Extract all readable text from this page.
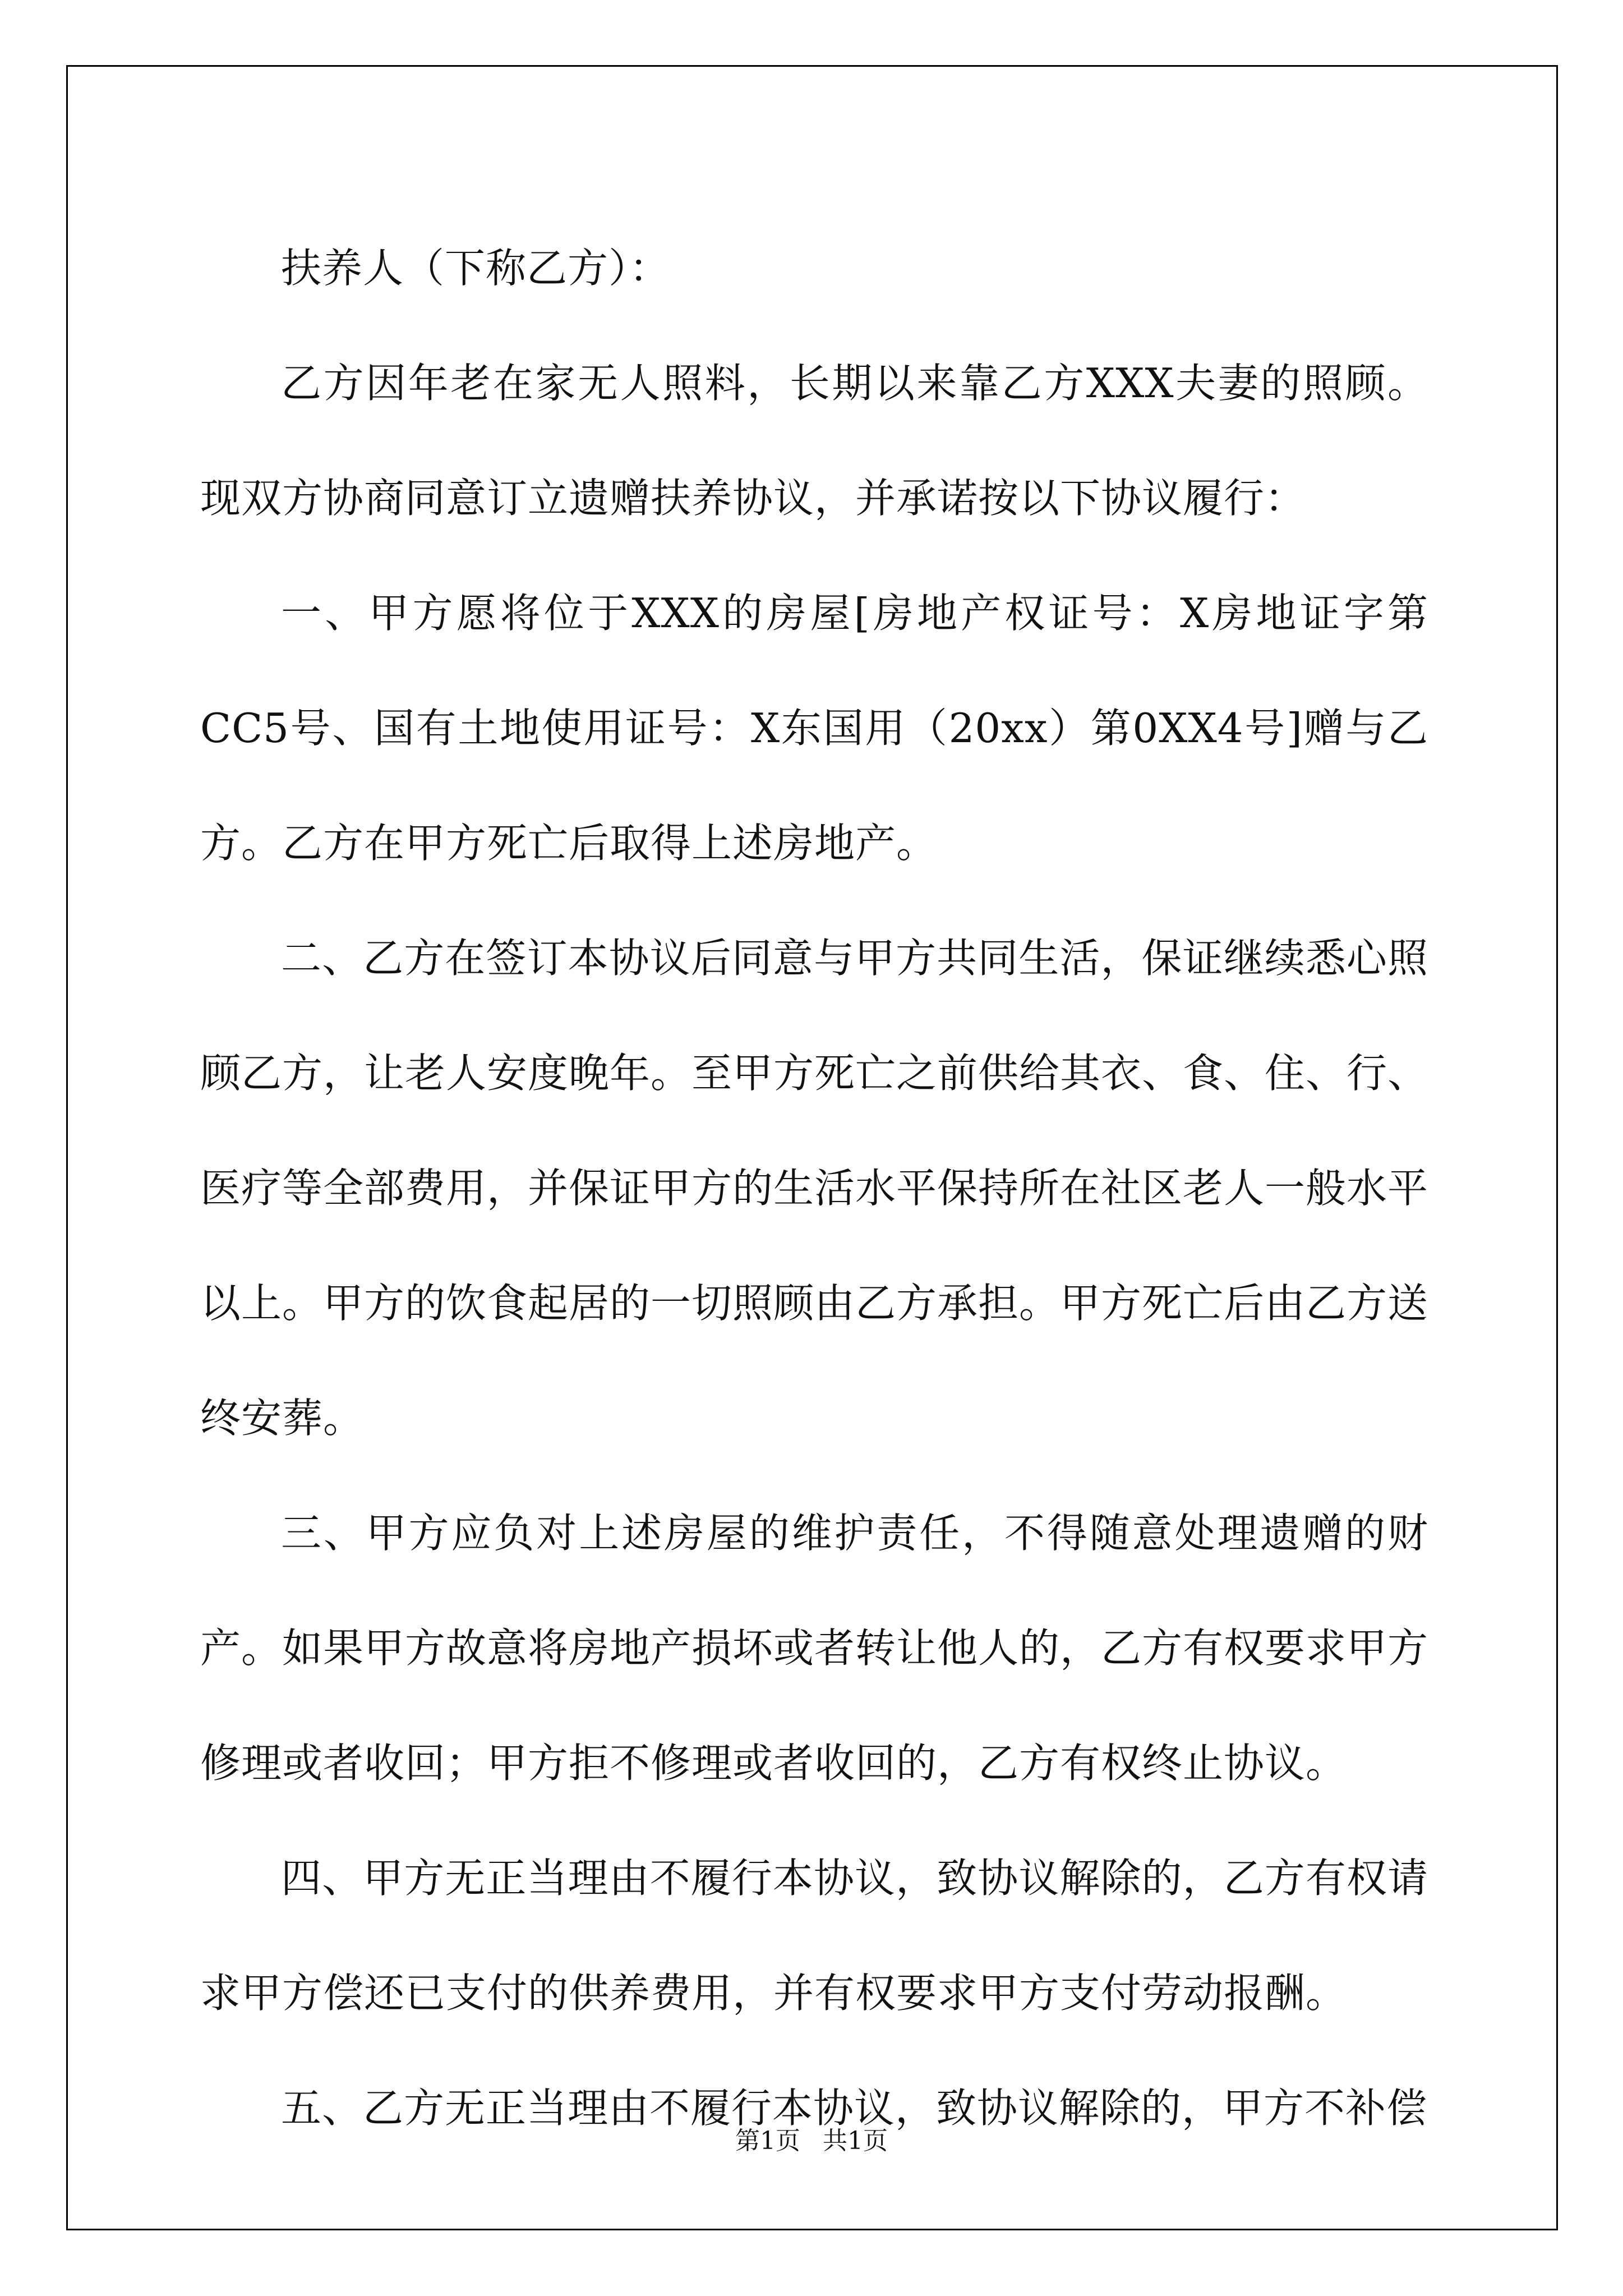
扶养人（下称乙方）：

乙方因年老在家无人照料，长期以来靠乙方XXX夫妻的照顾。现双方协商同意订立遗赠扶养协议，并承诺按以下协议履行：

一、甲方愿将位于XXX的房屋[房地产权证号：X房地证字第CC5号、国有土地使用证号：X东国用（20xx）第0XX4号]赠与乙方。乙方在甲方死亡后取得上述房地产。

二、乙方在签订本协议后同意与甲方共同生活，保证继续悉心照顾乙方，让老人安度晚年。至甲方死亡之前供给其衣、食、住、行、医疗等全部费用，并保证甲方的生活水平保持所在社区老人一般水平以上。甲方的饮食起居的一切照顾由乙方承担。甲方死亡后由乙方送终安葬。

三、甲方应负对上述房屋的维护责任，不得随意处理遗赠的财产。如果甲方故意将房地产损坏或者转让他人的，乙方有权要求甲方修理或者收回；甲方拒不修理或者收回的，乙方有权终止协议。

四、甲方无正当理由不履行本协议，致协议解除的，乙方有权请求甲方偿还已支付的供养费用，并有权要求甲方支付劳动报酬。

五、乙方无正当理由不履行本协议，致协议解除的，甲方不补偿

第1页 共1页
